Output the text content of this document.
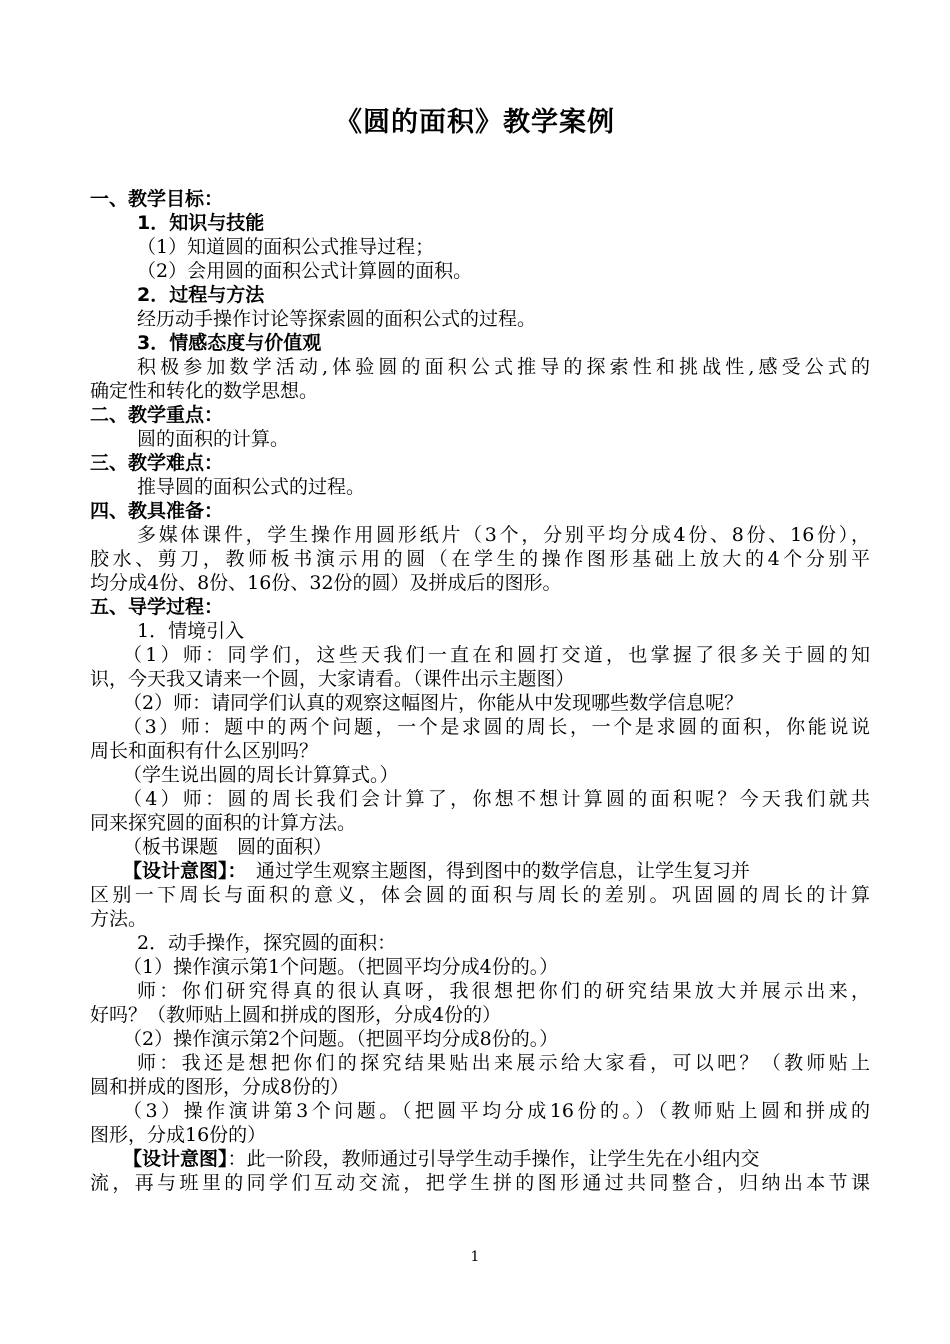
《圆的面积》教学案例
一、教学目标：
1．知识与技能
（1）知道圆的面积公式推导过程；
（2）会用圆的面积公式计算圆的面积。
2．过程与方法
经历动手操作讨论等探索圆的面积公式的过程。
3．情感态度与价值观
积极参加数学活动,体验圆的面积公式推导的探索性和挑战性,感受公式的
确定性和转化的数学思想。
二、教学重点：
圆的面积的计算。
三、教学难点：
推导圆的面积公式的过程。
四、教具准备：
多媒体课件，学生操作用圆形纸片（3个，分别平均分成4份、8份、16份），
胶水、剪刀，教师板书演示用的圆（在学生的操作图形基础上放大的4个分别平
均分成4份、8份、16份、32份的圆）及拼成后的图形。
五、导学过程：
1．情境引入
（1）师：同学们，这些天我们一直在和圆打交道，也掌握了很多关于圆的知
识，今天我又请来一个圆，大家请看。（课件出示主题图）
（2）师：请同学们认真的观察这幅图片，你能从中发现哪些数学信息呢？
（3）师：题中的两个问题，一个是求圆的周长，一个是求圆的面积，你能说说
周长和面积有什么区别吗？
（学生说出圆的周长计算算式。）
（4）师：圆的周长我们会计算了，你想不想计算圆的面积呢？今天我们就共
同来探究圆的面积的计算方法。
（板书课题　圆的面积）
【设计意图】：　通过学生观察主题图，得到图中的数学信息，让学生复习并
区别一下周长与面积的意义，体会圆的面积与周长的差别。巩固圆的周长的计算
方法。
2．动手操作，探究圆的面积：
（1）操作演示第1个问题。（把圆平均分成4份的。）
师：你们研究得真的很认真呀，我很想把你们的研究结果放大并展示出来，
好吗？（教师贴上圆和拼成的图形，分成4份的）
（2）操作演示第2个问题。（把圆平均分成8份的。）
师：我还是想把你们的探究结果贴出来展示给大家看，可以吧？（教师贴上
圆和拼成的图形，分成8份的）
（3）操作演讲第3个问题。（把圆平均分成16份的。）（教师贴上圆和拼成的
图形，分成16份的）
【设计意图】：此一阶段，教师通过引导学生动手操作，让学生先在小组内交
流，再与班里的同学们互动交流，把学生拼的图形通过共同整合，归纳出本节课
1
